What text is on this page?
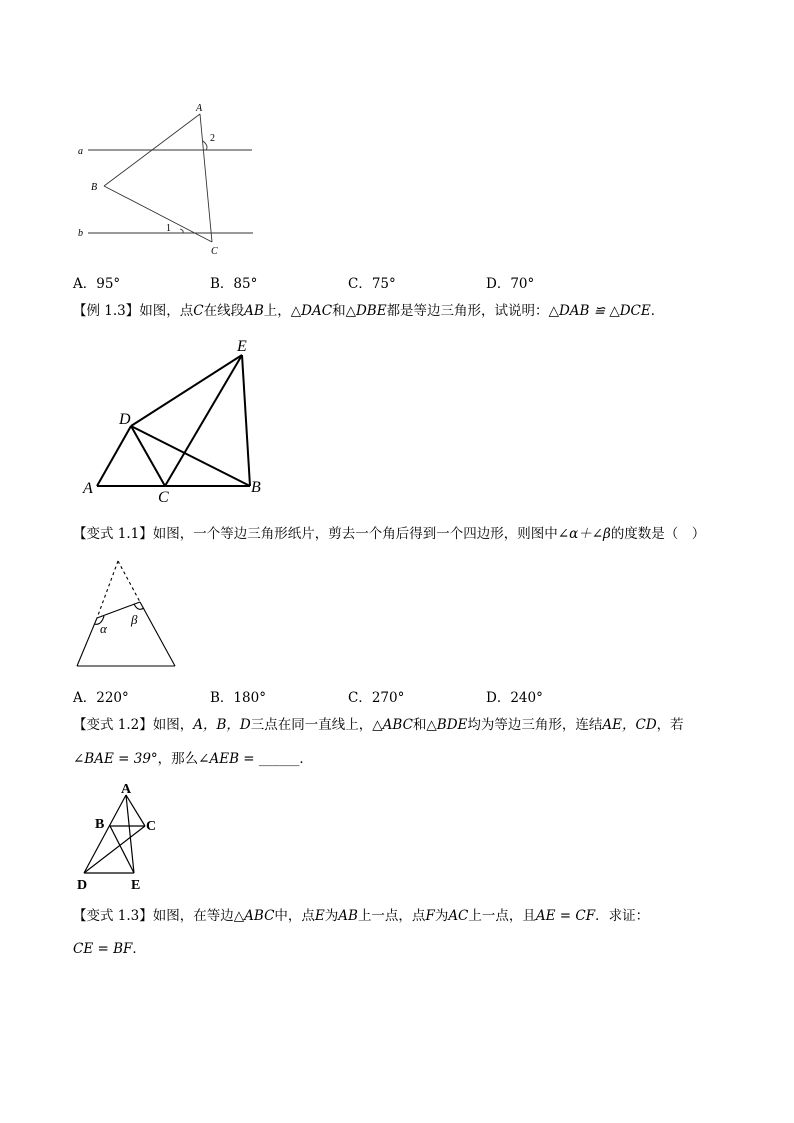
A
B
C
a
b
2
1
A．95°	B．85°	C．75°	D．70°
【例 1.3】如图，点C在线段AB上，△DAC和△DBE都是等边三角形，试说明：△DAB ≌ △DCE．
E
D
A
C
B
【变式 1.1】如图，一个等边三角形纸片，剪去一个角后得到一个四边形，则图中∠α＋∠β的度数是（　）
α
β
A．220°	B．180°	C．270°	D．240°
【变式 1.2】如图，A，B，D三点在同一直线上，△ABC和△BDE均为等边三角形，连结AE，CD，若
∠BAE = 39°，那么∠AEB = ______．
A
B	C
D	E
【变式 1.3】如图，在等边△ABC中，点E为AB上一点，点F为AC上一点，且AE = CF．求证：
CE = BF．
